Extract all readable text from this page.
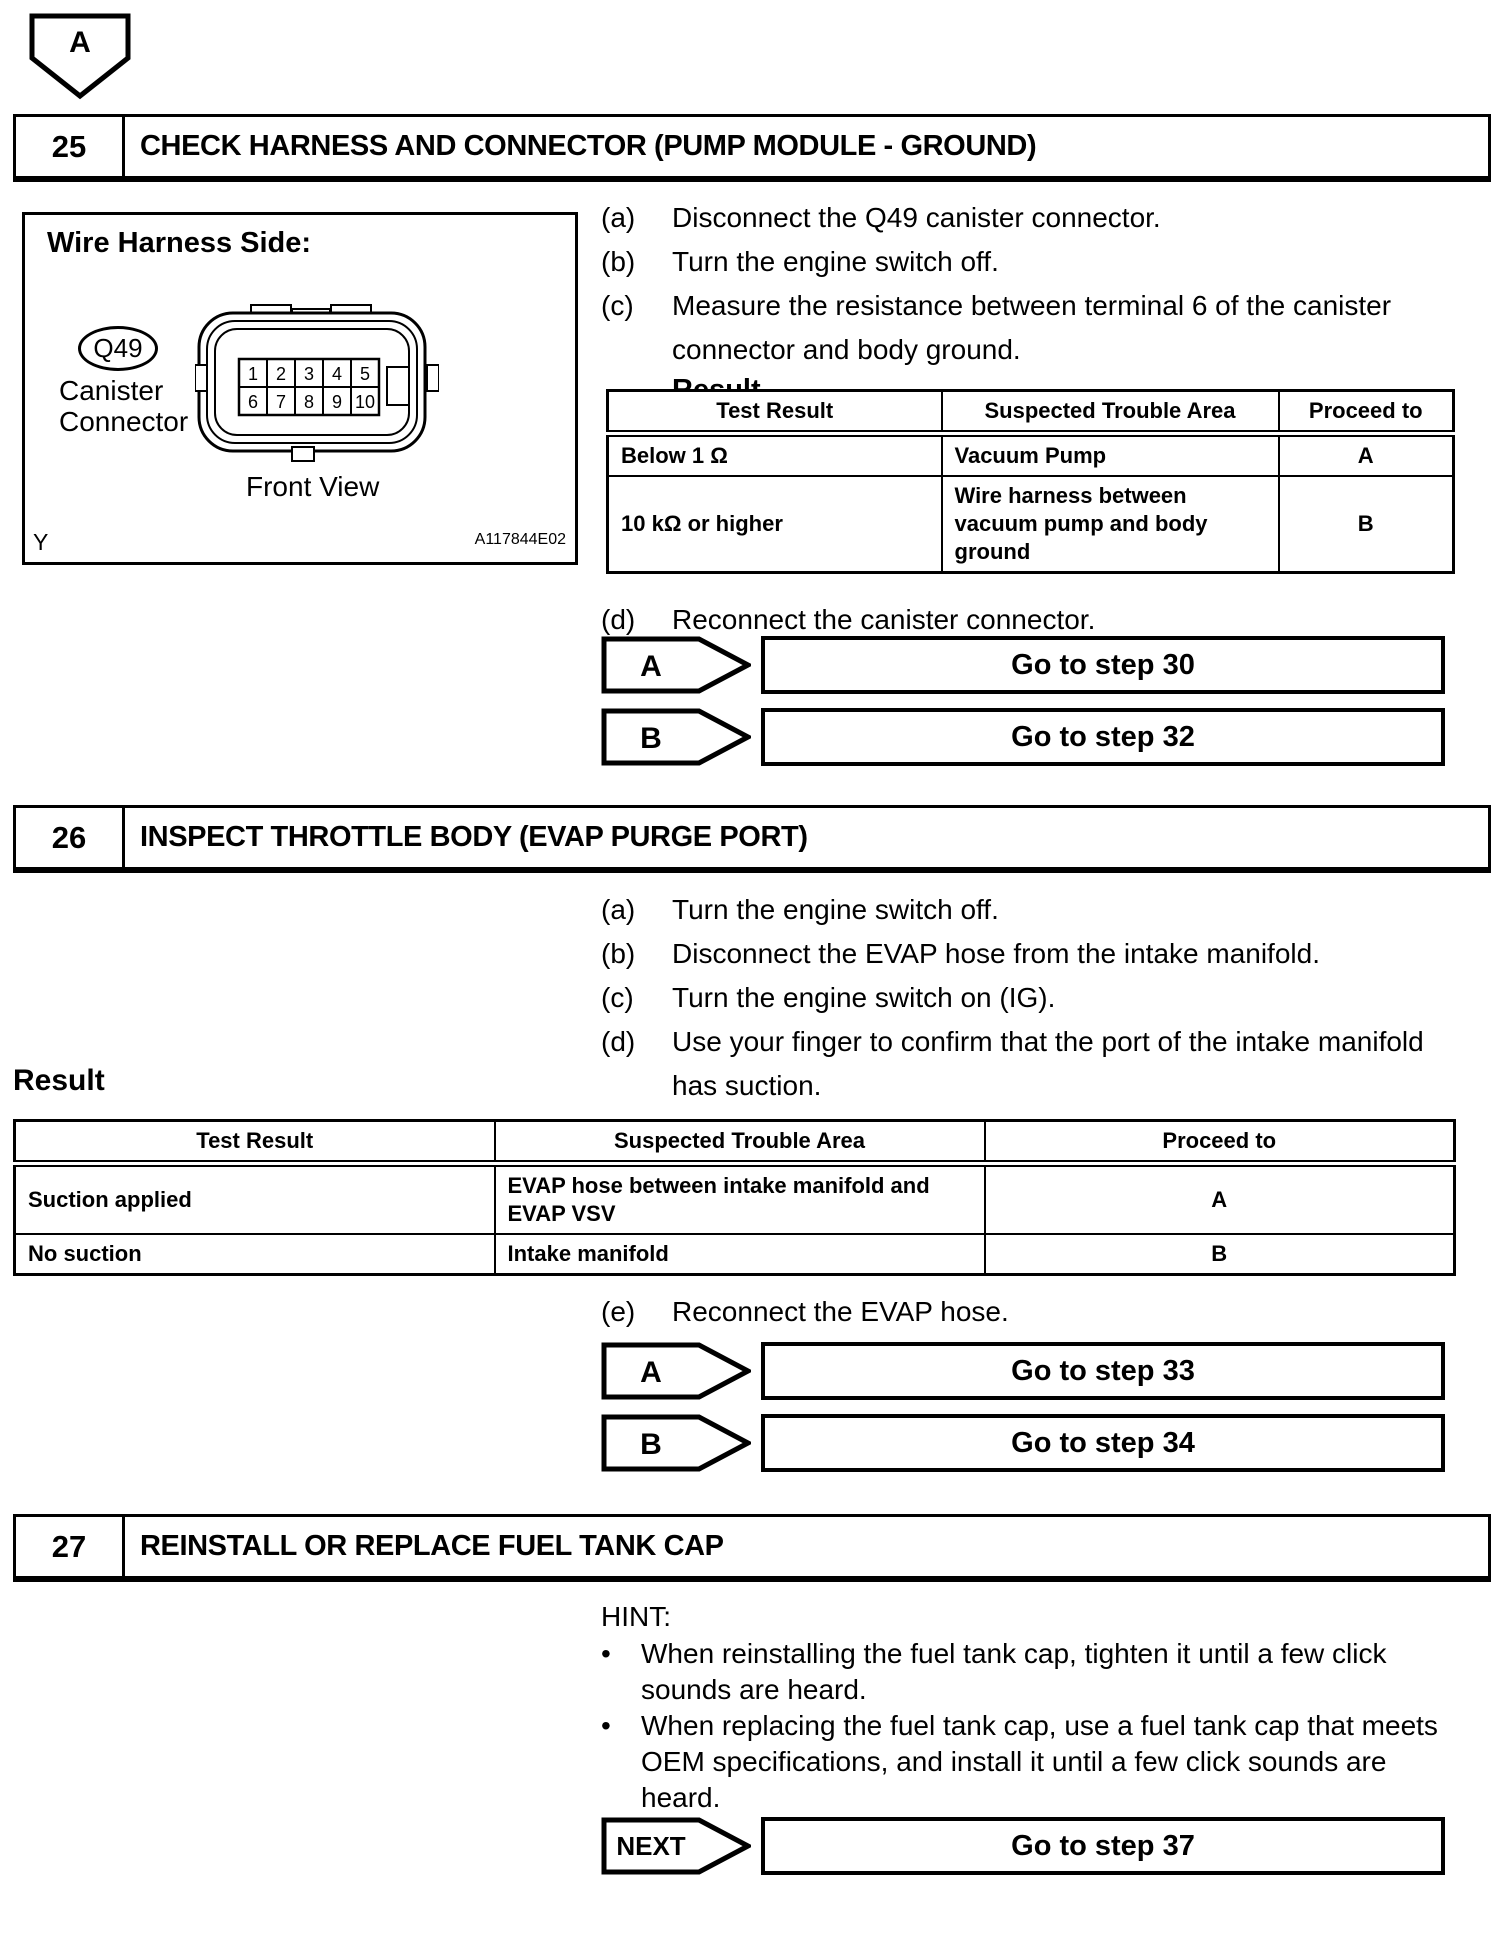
A
25	CHECK HARNESS AND CONNECTOR (PUMP MODULE - GROUND)
Wire Harness Side:
Q49
Canister
Connector
1 2 3 4 5
6 7 8 9 10
Front View
Y	A117844E02
(a)	Disconnect the Q49 canister connector.
(b)	Turn the engine switch off.
(c)	Measure the resistance between terminal 6 of the canister connector and body ground.
Test Result	Suspected Trouble Area	Proceed to
Below 1 Ω	Vacuum Pump	A
10 kΩ or higher	Wire harness between vacuum pump and body ground	B
(d)	Reconnect the canister connector.
A	Go to step 30
B	Go to step 32
26	INSPECT THROTTLE BODY (EVAP PURGE PORT)
(a)	Turn the engine switch off.
(b)	Disconnect the EVAP hose from the intake manifold.
(c)	Turn the engine switch on (IG).
(d)	Use your finger to confirm that the port of the intake manifold has suction.
Result
Test Result	Suspected Trouble Area	Proceed to
Suction applied	EVAP hose between intake manifold and EVAP VSV	A
No suction	Intake manifold	B
(e)	Reconnect the EVAP hose.
A	Go to step 33
B	Go to step 34
27	REINSTALL OR REPLACE FUEL TANK CAP
HINT:
•	When reinstalling the fuel tank cap, tighten it until a few click sounds are heard.
•	When replacing the fuel tank cap, use a fuel tank cap that meets OEM specifications, and install it until a few click sounds are heard.
NEXT	Go to step 37
